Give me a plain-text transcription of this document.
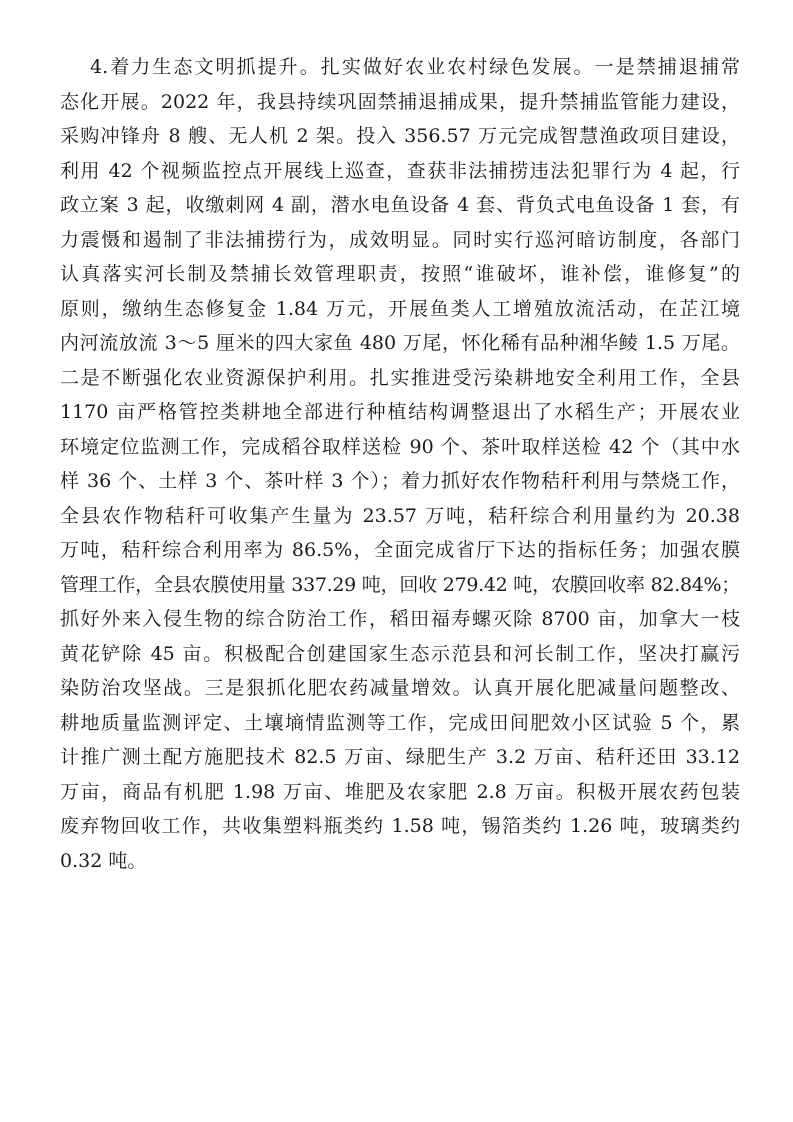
4.着力生态文明抓提升。扎实做好农业农村绿色发展。一是禁捕退捕常
态化开展。2022 年，我县持续巩固禁捕退捕成果，提升禁捕监管能力建设，
采购冲锋舟 8 艘、无人机 2 架。投入 356.57 万元完成智慧渔政项目建设，
利用 42 个视频监控点开展线上巡查，查获非法捕捞违法犯罪行为 4 起，行
政立案 3 起，收缴刺网 4 副，潜水电鱼设备 4 套、背负式电鱼设备 1 套，有
力震慑和遏制了非法捕捞行为，成效明显。同时实行巡河暗访制度，各部门
认真落实河长制及禁捕长效管理职责，按照“谁破坏，谁补偿，谁修复”的
原则，缴纳生态修复金 1.84 万元，开展鱼类人工增殖放流活动，在芷江境
内河流放流 3～5 厘米的四大家鱼 480 万尾，怀化稀有品种湘华鲮 1.5 万尾。
二是不断强化农业资源保护利用。扎实推进受污染耕地安全利用工作，全县
1170 亩严格管控类耕地全部进行种植结构调整退出了水稻生产；开展农业
环境定位监测工作，完成稻谷取样送检 90 个、茶叶取样送检 42 个（其中水
样 36 个、土样 3 个、茶叶样 3 个）；着力抓好农作物秸秆利用与禁烧工作，
全县农作物秸秆可收集产生量为 23.57 万吨，秸秆综合利用量约为 20.38
万吨，秸秆综合利用率为 86.5%，全面完成省厅下达的指标任务；加强农膜
管理工作，全县农膜使用量 337.29 吨，回收 279.42 吨，农膜回收率 82.84%；
抓好外来入侵生物的综合防治工作，稻田福寿螺灭除 8700 亩，加拿大一枝
黄花铲除 45 亩。积极配合创建国家生态示范县和河长制工作，坚决打赢污
染防治攻坚战。三是狠抓化肥农药减量增效。认真开展化肥减量问题整改、
耕地质量监测评定、土壤墒情监测等工作，完成田间肥效小区试验 5 个，累
计推广测土配方施肥技术 82.5 万亩、绿肥生产 3.2 万亩、秸秆还田 33.12
万亩，商品有机肥 1.98 万亩、堆肥及农家肥 2.8 万亩。积极开展农药包装
废弃物回收工作，共收集塑料瓶类约 1.58 吨，锡箔类约 1.26 吨，玻璃类约
0.32 吨。
